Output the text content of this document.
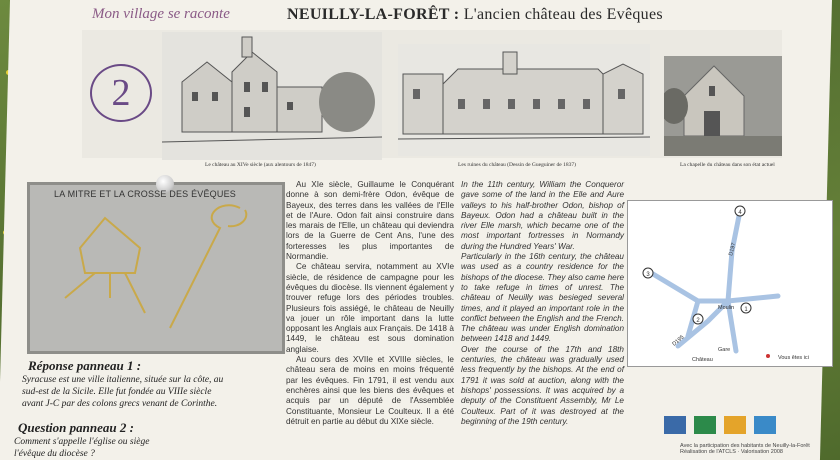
Mon village se raconte	NEUILLY-LA-FORÊT : L'ancien château des Evêques
2
Le château au XIVe siècle (aux alentours de 1847)	Les ruines du château (Dessin de Gueguiner de 1837)	La chapelle du château dans son état actuel
LA MITRE ET LA CROSSE DES ÉVÊQUES
Réponse panneau 1 :
Syracuse est une ville italienne, située sur la côte, au
sud-est de la Sicile. Elle fut fondée au VIIIe siècle
avant J-C par des colons grecs venant de Corinthe.
Question panneau 2 :
Comment s'appelle l'église ou siège
l'évêque du diocèse ?

Au XIe siècle, Guillaume le Conquérant donne à son demi-frère Odon, évêque de Bayeux, des terres dans les vallées de l'Elle et de l'Aure. Odon fait ainsi construire dans les marais de l'Elle, un château qui deviendra lors de la Guerre de Cent Ans, l'une des forteresses les plus importantes de Normandie.

Ce château servira, notamment au XVIe siècle, de résidence de campagne pour les évêques du diocèse. Ils viennent également y trouver refuge lors des périodes troubles. Plusieurs fois assiégé, le château de Neuilly va jouer un rôle important dans la lutte opposant les Anglais aux Français. De 1418 à 1449, le château est sous domination anglaise.

Au cours des XVIIe et XVIIIe siècles, le château sera de moins en moins fréquenté par les évêques. Fin 1791, il est vendu aux enchères ainsi que les biens des évêques et acquis par un député de l'Assemblée Constituante, Monsieur Le Coulteux. Il a été détruit en partie au début du XIXe siècle.

In the 11th century, William the Conqueror gave some of the land in the Elle and Aure valleys to his half-brother Odon, bishop of Bayeux. Odon had a château built in the river Elle marsh, which became one of the most important fortresses in Normandy during the Hundred Years' War.

Particularly in the 16th century, the château was used as a country residence for the bishops of the diocese. They also came here to take refuge in times of unrest. The château of Neuilly was besieged several times, and it played an important role in the conflict between the English and the French. The château was under English domination between 1418 and 1449.

Over the course of the 17th and 18th centuries, the château was gradually used less frequently by the bishops. At the end of 1791 it was sold at auction, along with the bishops' possessions. It was acquired by a deputy of the Constituent Assembly, Mr Le Coulteux. Part of it was destroyed at the beginning of the 19th century.

1
2
3
4
D197
D195
Moulin
Gare
Château	Vous êtes ici
Avec la participation des habitants de Neuilly-la-Forêt
Réalisation de l'ATCLS · Valorisation 2008
